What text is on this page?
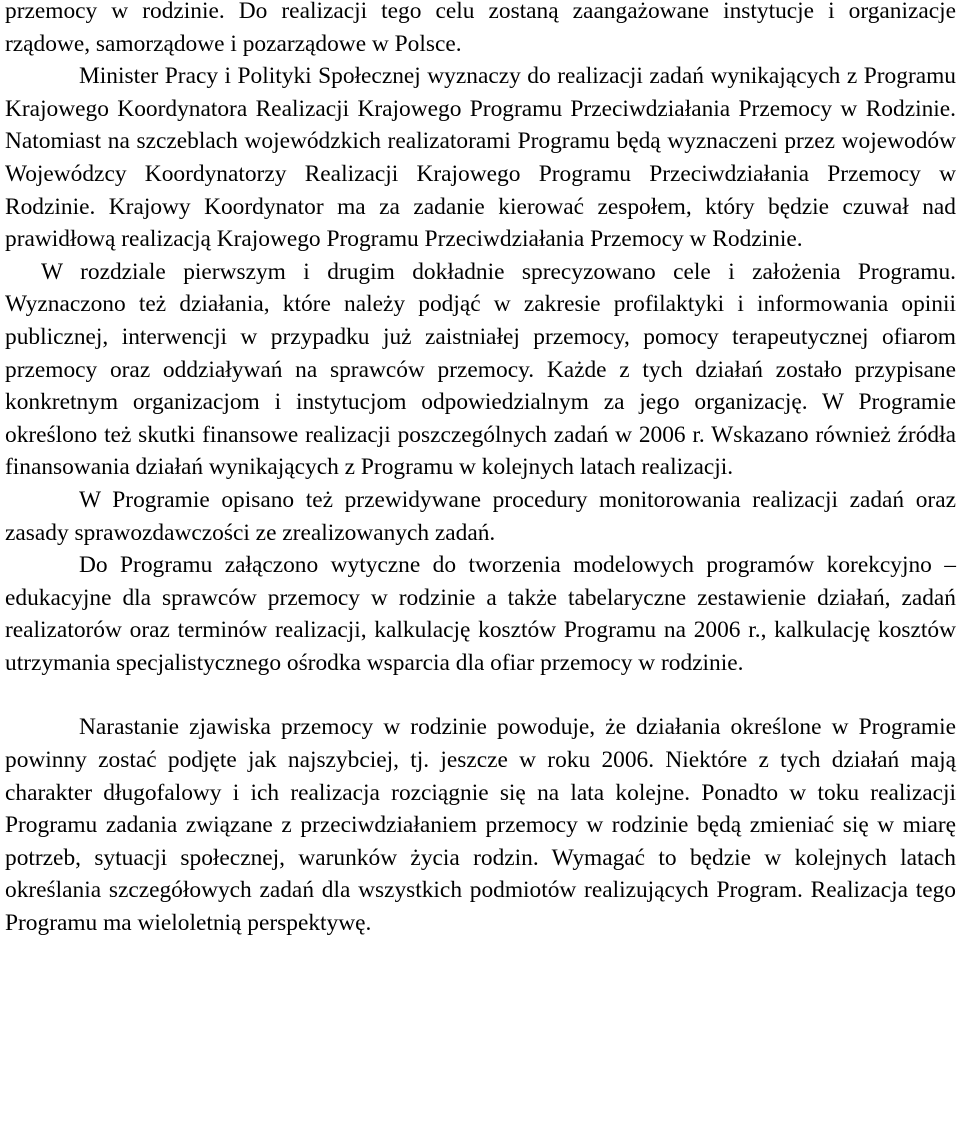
przemocy w rodzinie. Do realizacji tego celu zostaną zaangażowane instytucje i organizacje rządowe, samorządowe i pozarządowe w Polsce.

Minister Pracy i Polityki Społecznej wyznaczy do realizacji zadań wynikających z Programu Krajowego Koordynatora Realizacji Krajowego Programu Przeciwdziałania Przemocy w Rodzinie. Natomiast na szczeblach wojewódzkich realizatorami Programu będą wyznaczeni przez wojewodów Wojewódzcy Koordynatorzy Realizacji Krajowego Programu Przeciwdziałania Przemocy w Rodzinie. Krajowy Koordynator ma za zadanie kierować zespołem, który będzie czuwał nad prawidłową realizacją Krajowego Programu Przeciwdziałania Przemocy w Rodzinie.

W rozdziale pierwszym i drugim dokładnie sprecyzowano cele i założenia Programu. Wyznaczono też działania, które należy podjąć w zakresie profilaktyki i informowania opinii publicznej, interwencji w przypadku już zaistniałej przemocy, pomocy terapeutycznej ofiarom przemocy oraz oddziaływań na sprawców przemocy. Każde z tych działań zostało przypisane konkretnym organizacjom i instytucjom odpowiedzialnym za jego organizację. W Programie określono też skutki finansowe realizacji poszczególnych zadań w 2006 r. Wskazano również źródła finansowania działań wynikających z Programu w kolejnych latach realizacji.

W Programie opisano też przewidywane procedury monitorowania realizacji zadań oraz zasady sprawozdawczości ze zrealizowanych zadań.

Do Programu załączono wytyczne do tworzenia modelowych programów korekcyjno – edukacyjne dla sprawców przemocy w rodzinie a także tabelaryczne zestawienie działań, zadań realizatorów oraz terminów realizacji, kalkulację kosztów Programu na 2006 r., kalkulację kosztów utrzymania specjalistycznego ośrodka wsparcia dla ofiar przemocy w rodzinie.

Narastanie zjawiska przemocy w rodzinie powoduje, że działania określone w Programie powinny zostać podjęte jak najszybciej, tj. jeszcze w roku 2006. Niektóre z tych działań mają charakter długofalowy i ich realizacja rozciągnie się na lata kolejne. Ponadto w toku realizacji Programu zadania związane z przeciwdziałaniem przemocy w rodzinie będą zmieniać się w miarę potrzeb, sytuacji społecznej, warunków życia rodzin. Wymagać to będzie w kolejnych latach określania szczegółowych zadań dla wszystkich podmiotów realizujących Program. Realizacja tego Programu ma wieloletnią perspektywę.
